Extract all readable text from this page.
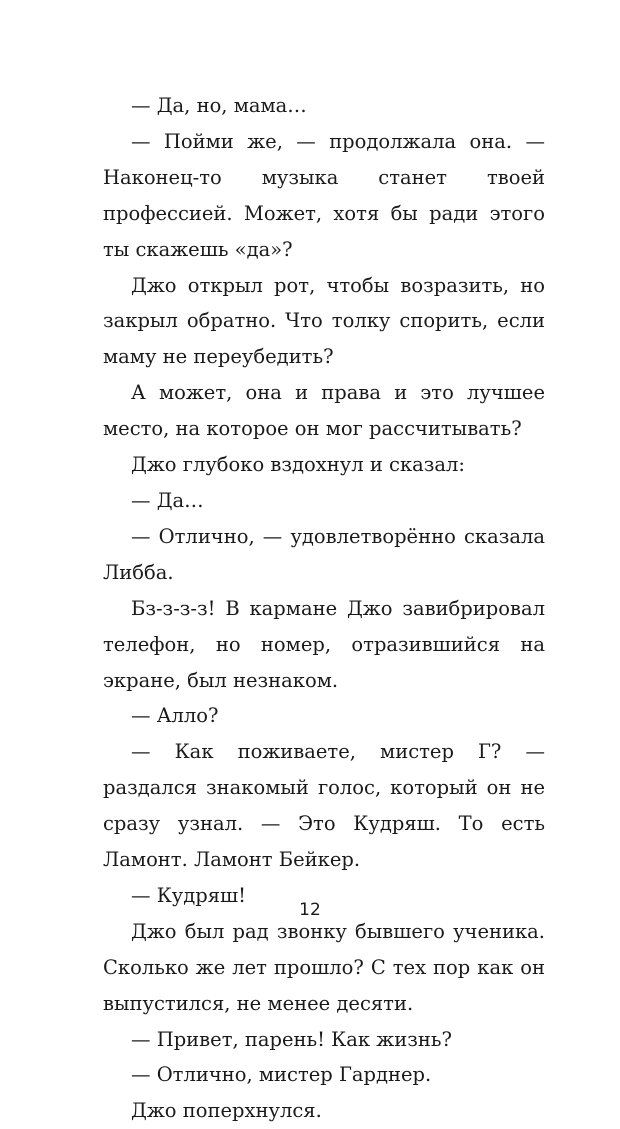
— Да, но, мама…

— Пойми же, — продолжала она. — Наконец-то музыка станет твоей профессией. Может, хотя бы ради этого ты скажешь «да»?

Джо открыл рот, чтобы возразить, но закрыл обратно. Что толку спорить, если маму не переубедить?

А может, она и права и это лучшее место, на которое он мог рассчитывать?

Джо глубоко вздохнул и сказал:

— Да…

— Отлично, — удовлетворённо сказала Либба.

Бз-з-з-з! В кармане Джо завибрировал телефон, но номер, отразившийся на экране, был незнаком.

— Алло?

— Как поживаете, мистер Г? — раздался знакомый голос, который он не сразу узнал. — Это Кудряш. То есть Ламонт. Ламонт Бейкер.

— Кудряш!

Джо был рад звонку бывшего ученика. Сколько же лет прошло? С тех пор как он выпустился, не менее десяти.

— Привет, парень! Как жизнь?

— Отлично, мистер Гарднер.

Джо поперхнулся.

12
